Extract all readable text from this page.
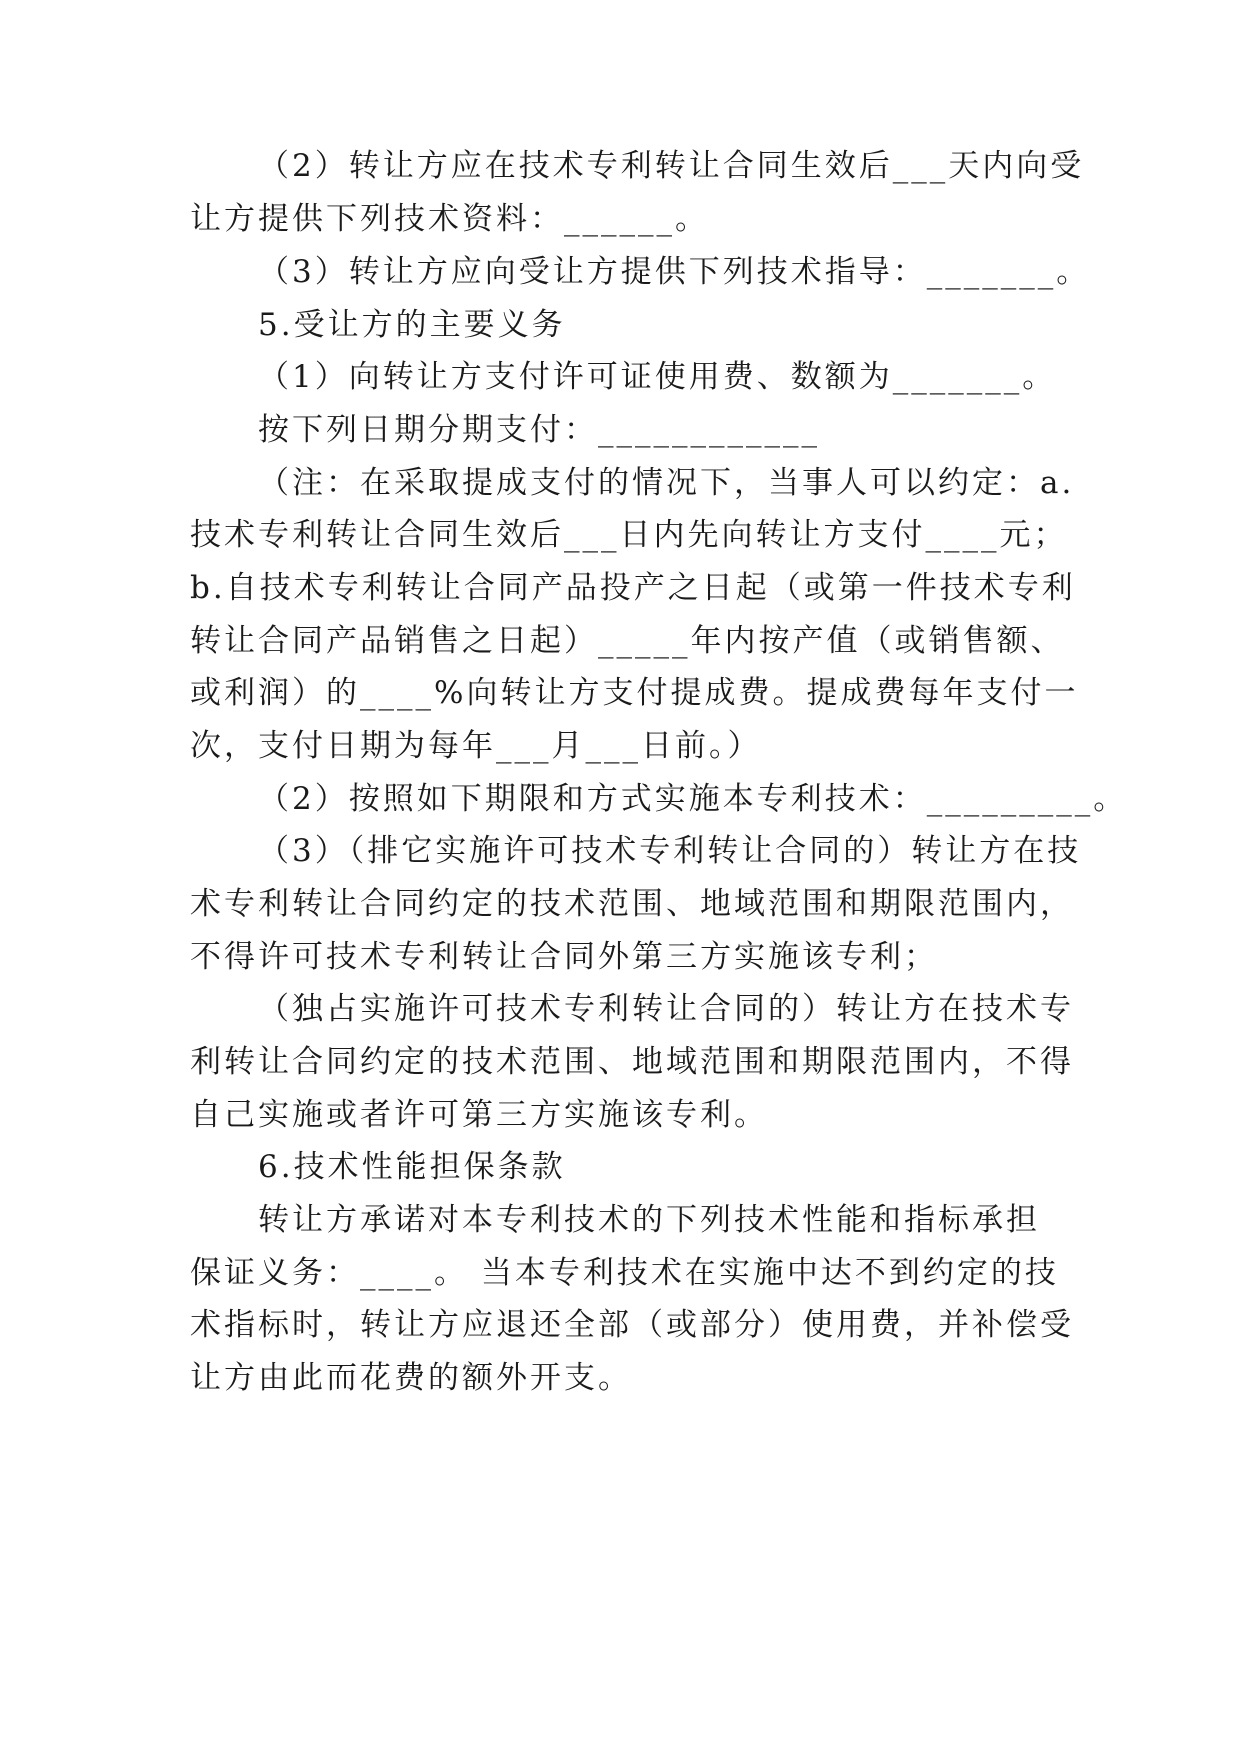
（2）转让方应在技术专利转让合同生效后___天内向受
让方提供下列技术资料：______。
（3）转让方应向受让方提供下列技术指导：_______。
5.受让方的主要义务
（1）向转让方支付许可证使用费、数额为_______。
按下列日期分期支付：____________
（注：在采取提成支付的情况下，当事人可以约定：a.
技术专利转让合同生效后___日内先向转让方支付____元；
b.自技术专利转让合同产品投产之日起（或第一件技术专利
转让合同产品销售之日起）_____年内按产值（或销售额、
或利润）的____%向转让方支付提成费。提成费每年支付一
次，支付日期为每年___月___日前。）
（2）按照如下期限和方式实施本专利技术：_________。
（3）（排它实施许可技术专利转让合同的）转让方在技
术专利转让合同约定的技术范围、地域范围和期限范围内，
不得许可技术专利转让合同外第三方实施该专利；
（独占实施许可技术专利转让合同的）转让方在技术专
利转让合同约定的技术范围、地域范围和期限范围内，不得
自己实施或者许可第三方实施该专利。
6.技术性能担保条款
转让方承诺对本专利技术的下列技术性能和指标承担
保证义务：____。 当本专利技术在实施中达不到约定的技
术指标时，转让方应退还全部（或部分）使用费，并补偿受
让方由此而花费的额外开支。
